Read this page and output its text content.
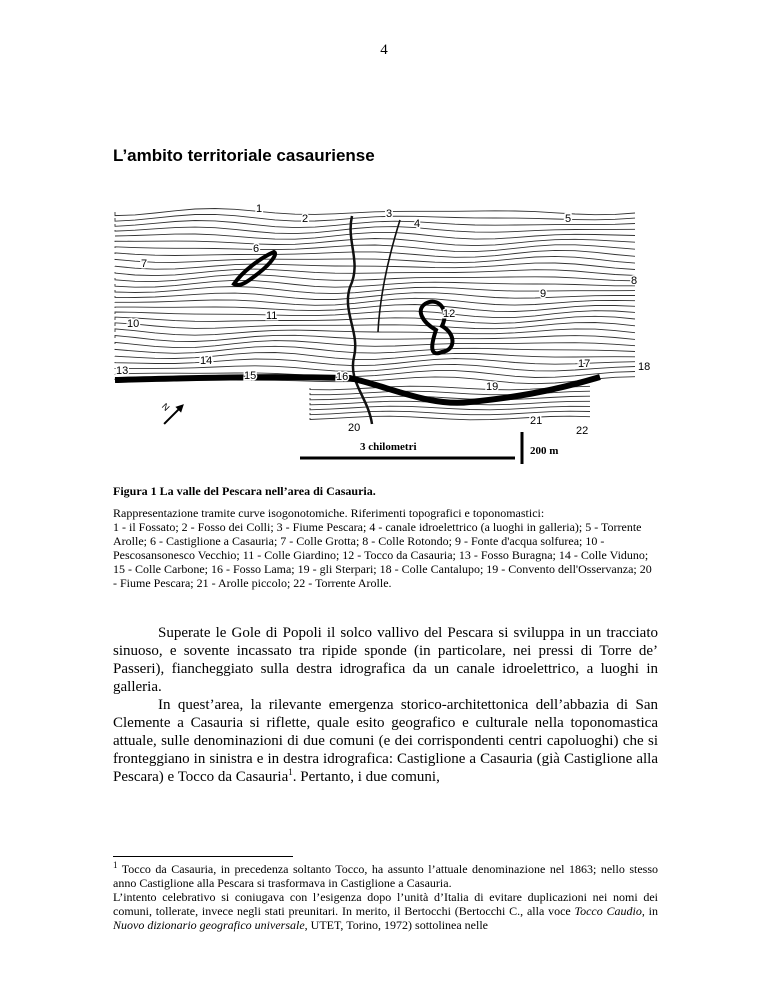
4
L’ambito territoriale casauriense
1
2	3
4	5
6
7
8
9
10
11	12
13
14
15	16
17	18
19
20
21
22
N
3 chilometri	200 m

Figura 1 La valle del Pescara nell’area di Casauria.

Rappresentazione tramite curve isogonotomiche. Riferimenti topografici e toponomastici:

1 - il Fossato; 2 - Fosso dei Colli; 3 - Fiume Pescara; 4 - canale idroelettrico (a luoghi in galleria); 5 - Torrente Arolle; 6 - Castiglione a Casauria; 7 - Colle Grotta; 8 - Colle Rotondo; 9 - Fonte d'acqua solfurea; 10 - Pescosansonesco Vecchio; 11 - Colle Giardino; 12 - Tocco da Casauria; 13 - Fosso Buragna; 14 - Colle Viduno; 15 - Colle Carbone; 16 - Fosso Lama; 19 - gli Sterpari; 18 - Colle Cantalupo; 19 - Convento dell'Osservanza; 20 - Fiume Pescara; 21 - Arolle piccolo; 22 - Torrente Arolle.

Superate le Gole di Popoli il solco vallivo del Pescara si sviluppa in un tracciato sinuoso, e sovente incassato tra ripide sponde (in particolare, nei pressi di Torre de’ Passeri), fiancheggiato sulla destra idrografica da un canale idroelettrico, a luoghi in galleria.

In quest’area, la rilevante emergenza storico-architettonica dell’abbazia di San Clemente a Casauria si riflette, quale esito geografico e culturale nella toponomastica attuale, sulle denominazioni di due comuni (e dei corrispondenti centri capoluoghi) che si fronteggiano in sinistra e in destra idrografica: Castiglione a Casauria (già Castiglione alla Pescara) e Tocco da Casauria$^1$. Pertanto, i due comuni,

$^1$ Tocco da Casauria, in precedenza soltanto Tocco, ha assunto l’attuale denominazione nel 1863; nello stesso anno Castiglione alla Pescara si trasformava in Castiglione a Casauria.

L’intento celebrativo si coniugava con l’esigenza dopo l’unità d’Italia di evitare duplicazioni nei nomi dei comuni, tollerate, invece negli stati preunitari. In merito, il Bertocchi (Bertocchi C., alla voce Tocco Caudio, in Nuovo dizionario geografico universale, UTET, Torino, 1972) sottolinea nelle
